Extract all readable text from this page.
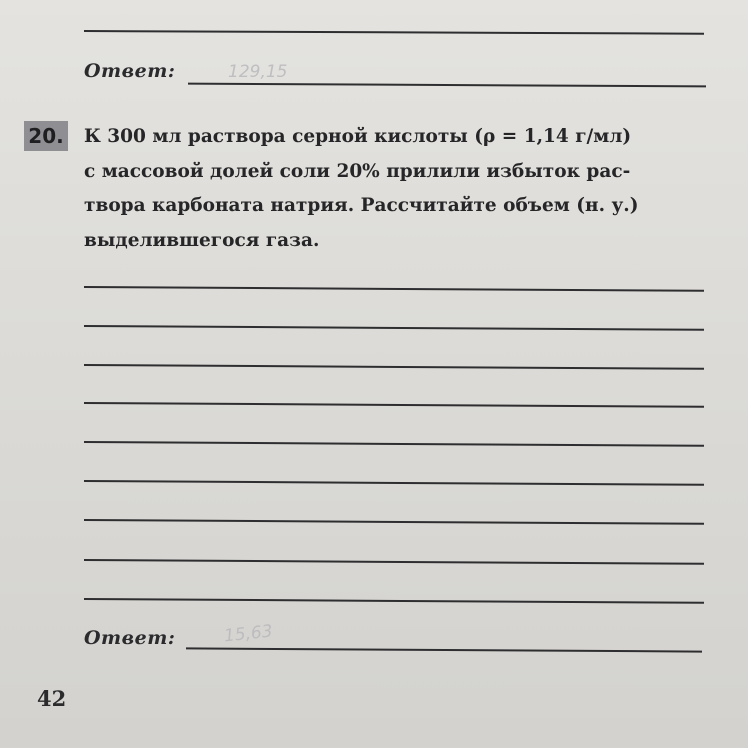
Ответ:	129,15
20. К 300 мл раствора серной кислоты (ρ = 1,14 г/мл)
с массовой долей соли 20% прилили избыток рас-
твора карбоната натрия. Рассчитайте объем (н. у.)
выделившегося газа.

Ответ:	15,63
42
